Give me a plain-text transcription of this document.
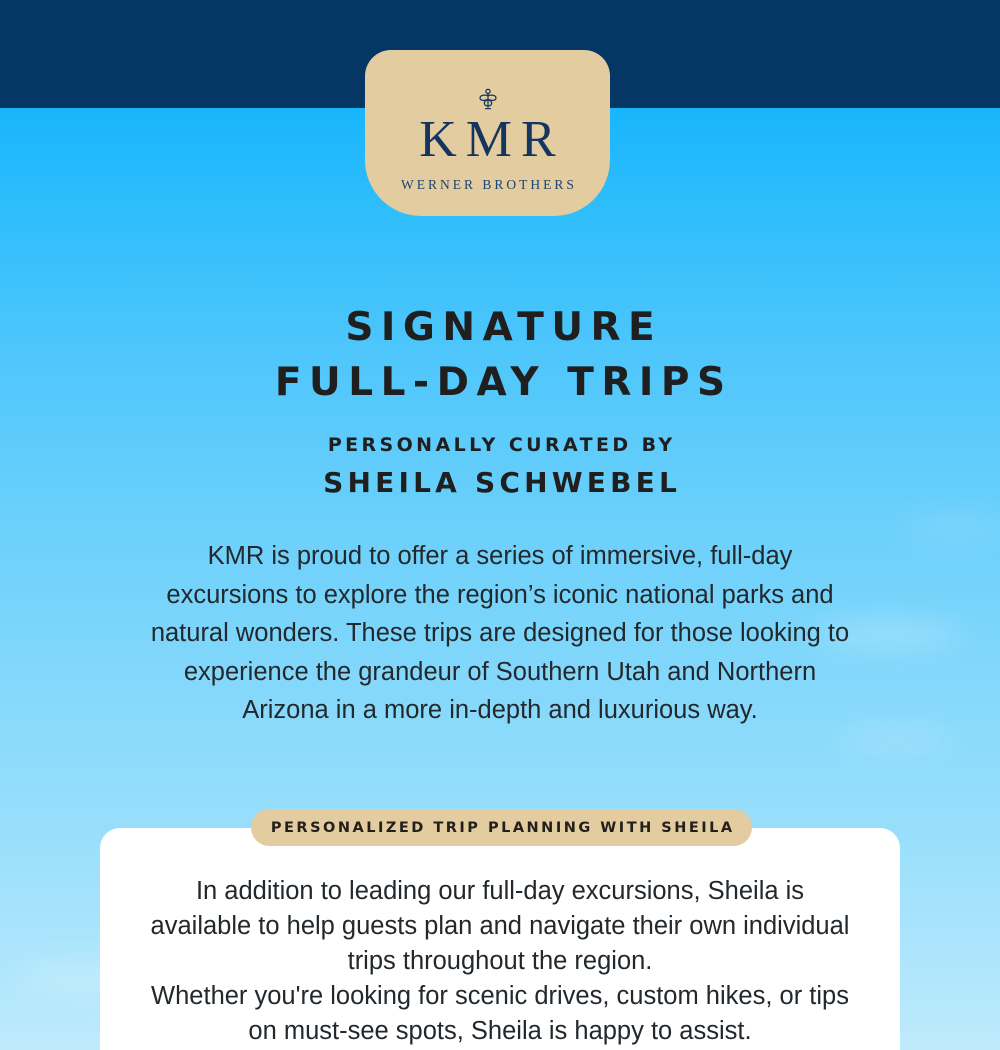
KMR
WERNER BROTHERS
SIGNATURE
FULL-DAY TRIPS
PERSONALLY CURATED BY
SHEILA SCHWEBEL
KMR is proud to offer a series of immersive, full-day excursions to explore the region’s iconic national parks and natural wonders. These trips are designed for those looking to experience the grandeur of Southern Utah and Northern Arizona in a more in-depth and luxurious way.
In addition to leading our full-day excursions, Sheila is available to help guests plan and navigate their own individual trips throughout the region.
Whether you're looking for scenic drives, custom hikes, or tips on must-see spots, Sheila is happy to assist.
PERSONALIZED TRIP PLANNING WITH SHEILA
